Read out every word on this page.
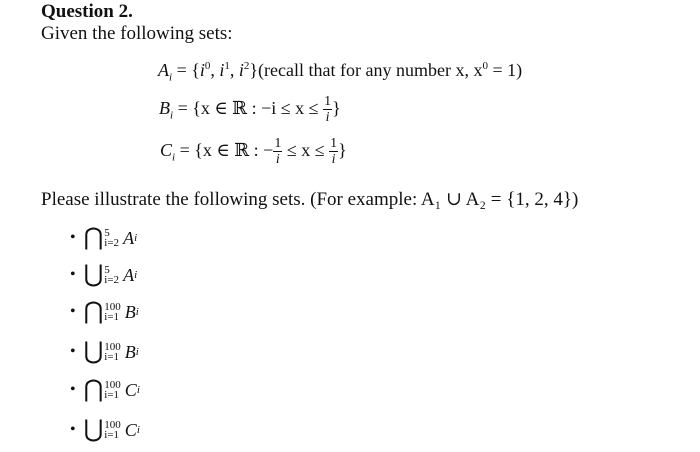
Question 2.
Given the following sets:
$A_i = \{i^0$, $i^1$, $i^2\}(recall$ that for any number x, $x^0 = 1$)
$B_i = \{x$ ∈ ℝ : $-i \le x \le \frac{1}{i}$ }
$C_i = \{x$ ∈ ℝ : − $\frac{1}{i} \le x \le \frac{1}{i}$ }
Please illustrate the following sets. (For example: A₁ ∪ A₂ = {1, 2, 4})
• ⋂ 5
i=2 A i
• ⋃ 5
i=2 A i
• ⋂ 100
i=1 B i
• ⋃ 100
i=1 B i
• ⋂ 100
i=1 C i
• ⋃ 100
i=1 C i
